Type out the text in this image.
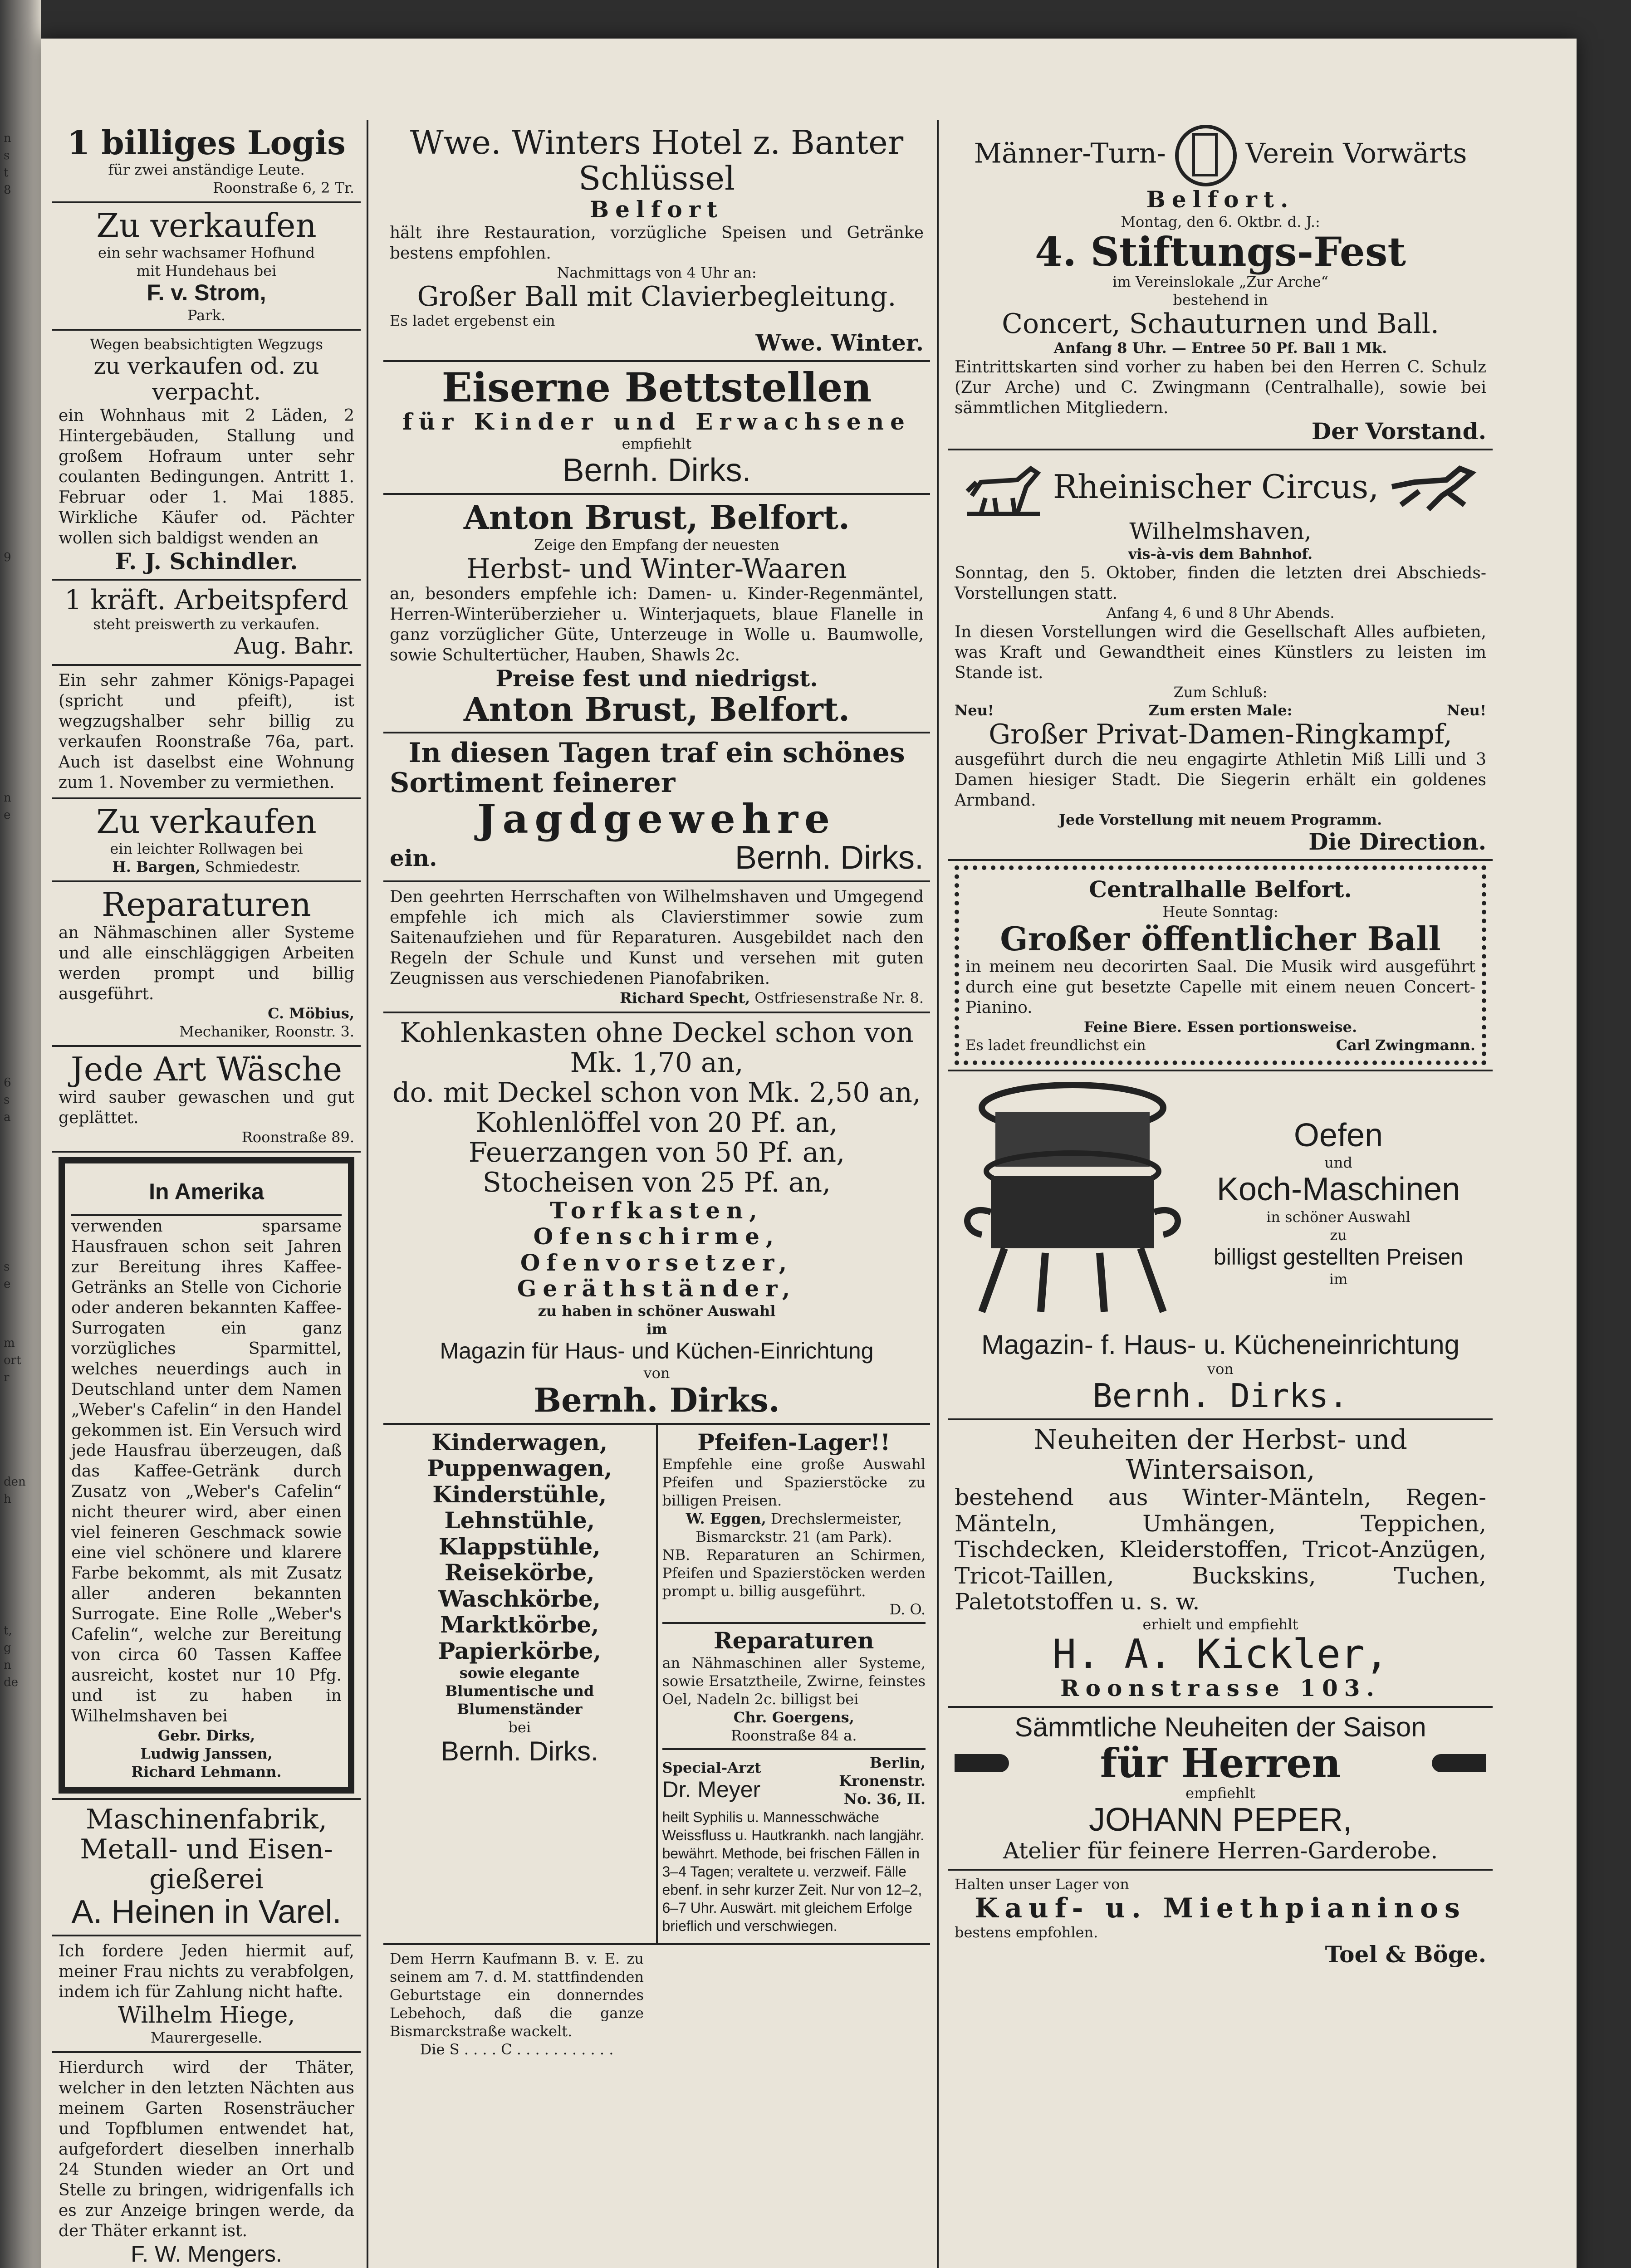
n
s
t
8
9
n
e
6
s
a
s
e
m
ort
r
den
h
t,
g
n
de
1 billiges Logis
für zwei anständige Leute.
Roonstraße 6, 2 Tr.
Zu verkaufen
ein sehr wachsamer Hofhund
mit Hundehaus bei
F. v. Strom,
Park.
Wegen beabsichtigten Wegzugs
zu verkaufen od. zu verpacht.
ein Wohnhaus mit 2 Läden, 2 Hintergebäuden, Stallung und großem Hofraum unter sehr coulanten Bedingungen. Antritt 1. Februar oder 1. Mai 1885. Wirkliche Käufer od. Pächter wollen sich baldigst wenden an
F. J. Schindler.
1 kräft. Arbeitspferd
steht preiswerth zu verkaufen.
Aug. Bahr.
Ein sehr zahmer Königs-Papagei (spricht und pfeift), ist wegzugshalber sehr billig zu verkaufen Roonstraße 76a, part. Auch ist daselbst eine Wohnung zum 1. November zu vermiethen.
Zu verkaufen
ein leichter Rollwagen bei
H. Bargen, Schmiedestr.
Reparaturen
an Nähmaschinen aller Systeme und alle einschläggigen Arbeiten werden prompt und billig ausgeführt.
C. Möbius,
Mechaniker, Roonstr. 3.
Jede Art Wäsche
wird sauber gewaschen und gut geplättet.
Roonstraße 89.
In Amerika
verwenden sparsame Hausfrauen schon seit Jahren zur Bereitung ihres Kaffee-Getränks an Stelle von Cichorie oder anderen bekannten Kaffee-Surrogaten ein ganz vorzügliches Sparmittel, welches neuerdings auch in Deutschland unter dem Namen „Weber's Cafelin“ in den Handel gekommen ist. Ein Versuch wird jede Hausfrau überzeugen, daß das Kaffee-Getränk durch Zusatz von „Weber's Cafelin“ nicht theurer wird, aber einen viel feineren Geschmack sowie eine viel schönere und klarere Farbe bekommt, als mit Zusatz aller anderen bekannten Surrogate. Eine Rolle „Weber's Cafelin“, welche zur Bereitung von circa 60 Tassen Kaffee ausreicht, kostet nur 10 Pfg. und ist zu haben in Wilhelmshaven bei
Gebr. Dirks,
Ludwig Janssen,
Richard Lehmann.
Maschinenfabrik,
Metall- und Eisen-
gießerei
A. Heinen in Varel.
Ich fordere Jeden hiermit auf, meiner Frau nichts zu verabfolgen, indem ich für Zahlung nicht hafte.
Wilhelm Hiege,
Maurergeselle.
Hierdurch wird der Thäter, welcher in den letzten Nächten aus meinem Garten Rosensträucher und Topfblumen entwendet hat, aufgefordert dieselben innerhalb 24 Stunden wieder an Ort und Stelle zu bringen, widrigenfalls ich es zur Anzeige bringen werde, da der Thäter erkannt ist.
F. W. Mengers.
Wwe. Winters Hotel z. Banter Schlüssel
Belfort
hält ihre Restauration, vorzügliche Speisen und Getränke bestens empfohlen.
Nachmittags von 4 Uhr an:
Großer Ball mit Clavierbegleitung.
Es ladet ergebenst ein
Wwe. Winter.
Eiserne Bettstellen
für Kinder und Erwachsene
empfiehlt
Bernh. Dirks.
Anton Brust, Belfort.
Zeige den Empfang der neuesten
Herbst- und Winter-Waaren
an, besonders empfehle ich: Damen- u. Kinder-Regenmäntel, Herren-Winterüberzieher u. Winterjaquets, blaue Flanelle in ganz vorzüglicher Güte, Unterzeuge in Wolle u. Baumwolle, sowie Schultertücher, Hauben, Shawls 2c.
Preise fest und niedrigst.
Anton Brust, Belfort.
In diesen Tagen traf ein schönes
Sortiment feinerer
Jagdgewehre
ein.	Bernh. Dirks.
Den geehrten Herrschaften von Wilhelmshaven und Umgegend empfehle ich mich als Clavierstimmer sowie zum Saitenaufziehen und für Reparaturen. Ausgebildet nach den Regeln der Schule und Kunst und versehen mit guten Zeugnissen aus verschiedenen Pianofabriken.
Richard Specht, Ostfriesenstraße Nr. 8.
Kohlenkasten ohne Deckel schon von
Mk. 1,70 an,
do. mit Deckel schon von Mk. 2,50 an,
Kohlenlöffel von 20 Pf. an,
Feuerzangen von 50 Pf. an,
Stocheisen von 25 Pf. an,
Torfkasten,
Ofenschirme,
Ofenvorsetzer,
Geräthständer,
zu haben in schöner Auswahl
im
Magazin für Haus- und Küchen-Einrichtung
von
Bernh. Dirks.
Kinderwagen,
Puppenwagen,
Kinderstühle,
Lehnstühle,
Klappstühle,
Reisekörbe,
Waschkörbe,
Marktkörbe,
Papierkörbe,
sowie elegante
Blumentische und Blumenständer
bei
Bernh. Dirks.
Pfeifen-Lager!!
Empfehle eine große Auswahl Pfeifen und Spazierstöcke zu billigen Preisen.
W. Eggen, Drechslermeister, Bismarckstr. 21 (am Park).
NB. Reparaturen an Schirmen, Pfeifen und Spazierstöcken werden prompt u. billig ausgeführt.
D. O.
Reparaturen
an Nähmaschinen aller Systeme, sowie Ersatztheile, Zwirne, feinstes Oel, Nadeln 2c. billigst bei
Chr. Goergens,
Roonstraße 84 a.
Special-Arzt
Dr. Meyer
Berlin,
Kronenstr.
No. 36, II.
heilt Syphilis u. Mannesschwäche Weissfluss u. Hautkrankh. nach langjähr. bewährt. Methode, bei frischen Fällen in 3–4 Tagen; veraltete u. verzweif. Fälle ebenf. in sehr kurzer Zeit. Nur von 12–2, 6–7 Uhr. Auswärt. mit gleichem Erfolge brieflich und verschwiegen.
Dem Herrn Kaufmann B. v. E. zu seinem am 7. d. M. stattfindenden Geburtstage ein donnerndes Lebehoch, daß die ganze Bismarckstraße wackelt.
Die S . . . . C . . . . . . . . . . .
Männer-Turn-	Verein Vorwärts
Belfort.
Montag, den 6. Oktbr. d. J.:
4. Stiftungs-Fest
im Vereinslokale „Zur Arche“
bestehend in
Concert, Schauturnen und Ball.
Anfang 8 Uhr. — Entree 50 Pf. Ball 1 Mk.
Eintrittskarten sind vorher zu haben bei den Herren C. Schulz (Zur Arche) und C. Zwingmann (Centralhalle), sowie bei sämmtlichen Mitgliedern.
Der Vorstand.
Rheinischer Circus,
Wilhelmshaven,
vis-à-vis dem Bahnhof.
Sonntag, den 5. Oktober, finden die letzten drei Abschieds-Vorstellungen statt.
Anfang 4, 6 und 8 Uhr Abends.
In diesen Vorstellungen wird die Gesellschaft Alles aufbieten, was Kraft und Gewandtheit eines Künstlers zu leisten im Stande ist.
Zum Schluß:
Neu!	Zum ersten Male:	Neu!
Großer Privat-Damen-Ringkampf,
ausgeführt durch die neu engagirte Athletin Miß Lilli und 3 Damen hiesiger Stadt. Die Siegerin erhält ein goldenes Armband.
Jede Vorstellung mit neuem Programm.
Die Direction.
Centralhalle Belfort.
Heute Sonntag:
Großer öffentlicher Ball
in meinem neu decorirten Saal. Die Musik wird ausgeführt durch eine gut besetzte Capelle mit einem neuen Concert-Pianino.
Feine Biere. Essen portionsweise.
Es ladet freundlichst ein	Carl Zwingmann.
Oefen
und
Koch-Maschinen
in schöner Auswahl
zu
billigst gestellten Preisen
im
Magazin- f. Haus- u. Kücheneinrichtung
von
Bernh. Dirks.
Neuheiten der Herbst- und Wintersaison,
bestehend aus Winter-Mänteln, Regen-Mänteln, Umhängen, Teppichen, Tischdecken, Kleiderstoffen, Tricot-Anzügen, Tricot-Taillen, Buckskins, Tuchen, Paletotstoffen u. s. w.
erhielt und empfiehlt
H. A. Kickler,
Roonstrasse 103.
Sämmtliche Neuheiten der Saison
für Herren
empfiehlt
JOHANN PEPER,
Atelier für feinere Herren-Garderobe.
Halten unser Lager von
Kauf- u. Miethpianinos
bestens empfohlen.
Toel & Böge.
